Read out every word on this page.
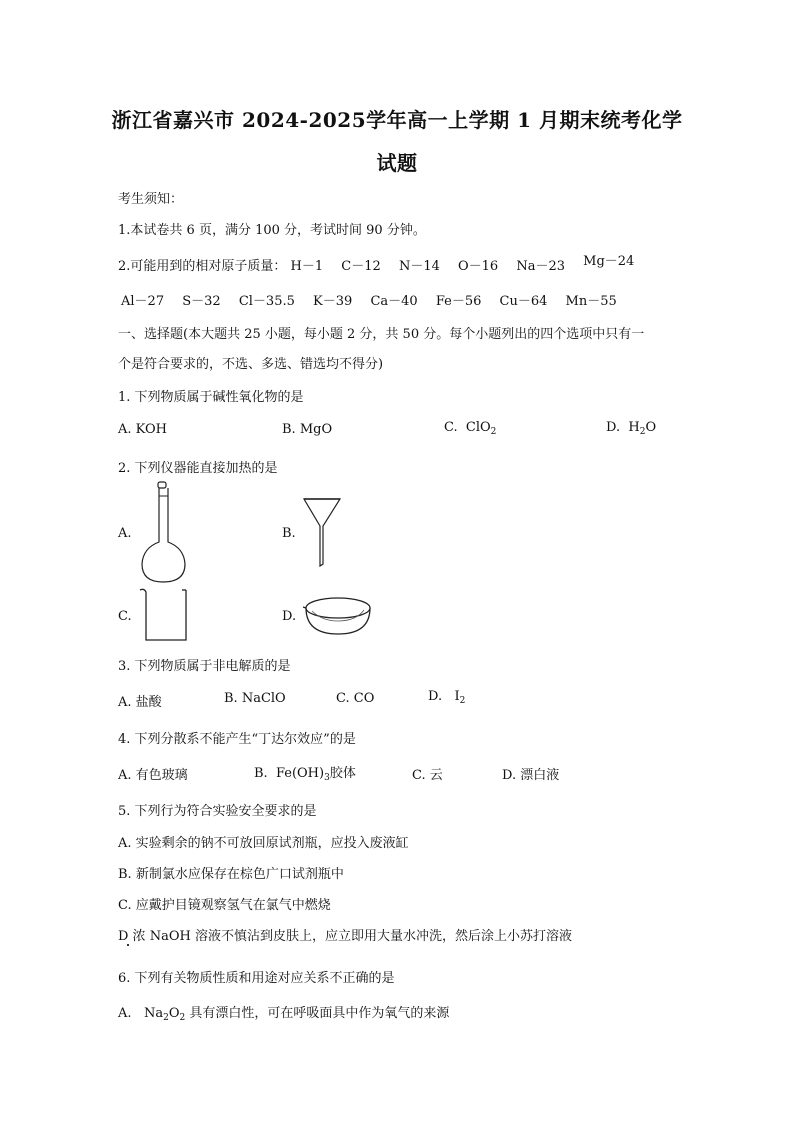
浙江省嘉兴市 2024-2025学年高一上学期 1 月期末统考化学
试题
考生须知：
1.本试卷共 6 页，满分 100 分，考试时间 90 分钟。
2.可能用到的相对原子质量： H－1 C－12 N－14 O－16 Na－23 Mg－24
Al－27 S－32 Cl－35.5 K－39 Ca－40 Fe－56 Cu－64 Mn－55
一、选择题(本大题共 25 小题，每小题 2 分，共 50 分。每个小题列出的四个选项中只有一
个是符合要求的，不选、多选、错选均不得分)
1. 下列物质属于碱性氧化物的是
A. KOH	B. MgO	C. ClO$_2$	D. $H_2O$
2. 下列仪器能直接加热的是
A.	B.
C.	D.
3. 下列物质属于非电解质的是
A. 盐酸	B. NaClO	C. CO	D. $I_2$
4. 下列分散系不能产生“丁达尔效应”的是
A. 有色玻璃	B. $Fe(OH)_3$胶体	C. 云	D. 漂白液
5. 下列行为符合实验安全要求的是
A. 实验剩余的钠不可放回原试剂瓶，应投入废液缸
B. 新制氯水应保存在棕色广口试剂瓶中
C. 应戴护目镜观察氢气在氯气中燃烧
D 浓 NaOH 溶液不慎沾到皮肤上，应立即用大量水冲洗，然后涂上小苏打溶液
6. 下列有关物质性质和用途对应关系不正确的是
A. $Na_2O_2$ 具有漂白性，可在呼吸面具中作为氧气的来源
